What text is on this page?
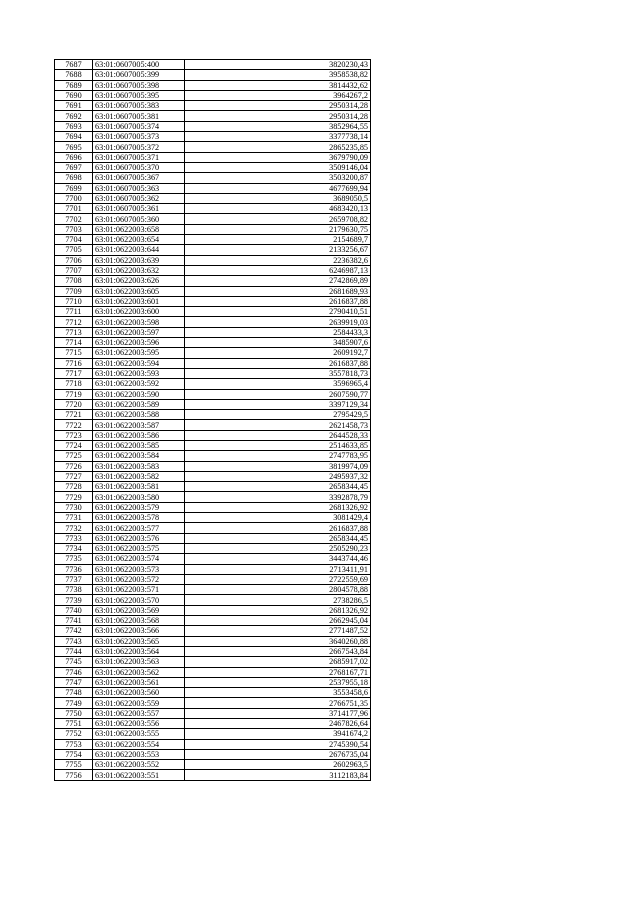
7687	63:01:0607005:400	3820230,43
7688	63:01:0607005:399	3958538,82
7689	63:01:0607005:398	3814432,62
7690	63:01:0607005:395	3964267,2
7691	63:01:0607005:383	2950314,28
7692	63:01:0607005:381	2950314,28
7693	63:01:0607005:374	3852964,55
7694	63:01:0607005:373	3377738,14
7695	63:01:0607005:372	2865235,85
7696	63:01:0607005:371	3679790,09
7697	63:01:0607005:370	3509146,04
7698	63:01:0607005:367	3503200,87
7699	63:01:0607005:363	4677699,94
7700	63:01:0607005:362	3689050,5
7701	63:01:0607005:361	4683420,13
7702	63:01:0607005:360	2659708,82
7703	63:01:0622003:658	2179630,75
7704	63:01:0622003:654	2154689,7
7705	63:01:0622003:644	2133256,67
7706	63:01:0622003:639	2236382,6
7707	63:01:0622003:632	6246987,13
7708	63:01:0622003:626	2742869,89
7709	63:01:0622003:605	2681689,93
7710	63:01:0622003:601	2616837,88
7711	63:01:0622003:600	2790410,51
7712	63:01:0622003:598	2639919,03
7713	63:01:0622003:597	2584433,3
7714	63:01:0622003:596	3485907,6
7715	63:01:0622003:595	2609192,7
7716	63:01:0622003:594	2616837,88
7717	63:01:0622003:593	3557818,73
7718	63:01:0622003:592	3596965,4
7719	63:01:0622003:590	2607590,77
7720	63:01:0622003:589	3397129,34
7721	63:01:0622003:588	2795429,5
7722	63:01:0622003:587	2621458,73
7723	63:01:0622003:586	2644528,33
7724	63:01:0622003:585	2514633,85
7725	63:01:0622003:584	2747783,95
7726	63:01:0622003:583	3819974,09
7727	63:01:0622003:582	2495937,32
7728	63:01:0622003:581	2658344,45
7729	63:01:0622003:580	3392878,79
7730	63:01:0622003:579	2681326,92
7731	63:01:0622003:578	3081429,4
7732	63:01:0622003:577	2616837,88
7733	63:01:0622003:576	2658344,45
7734	63:01:0622003:575	2505290,23
7735	63:01:0622003:574	3443744,46
7736	63:01:0622003:573	2713411,91
7737	63:01:0622003:572	2722559,69
7738	63:01:0622003:571	2804578,88
7739	63:01:0622003:570	2738286,5
7740	63:01:0622003:569	2681326,92
7741	63:01:0622003:568	2662945,04
7742	63:01:0622003:566	2771487,52
7743	63:01:0622003:565	3640260,88
7744	63:01:0622003:564	2667543,84
7745	63:01:0622003:563	2685917,02
7746	63:01:0622003:562	2768167,71
7747	63:01:0622003:561	2537955,18
7748	63:01:0622003:560	3553458,6
7749	63:01:0622003:559	2766751,35
7750	63:01:0622003:557	3714177,96
7751	63:01:0622003:556	2467826,64
7752	63:01:0622003:555	3941674,2
7753	63:01:0622003:554	2745390,54
7754	63:01:0622003:553	2676735,04
7755	63:01:0622003:552	2602963,5
7756	63:01:0622003:551	3112183,84
